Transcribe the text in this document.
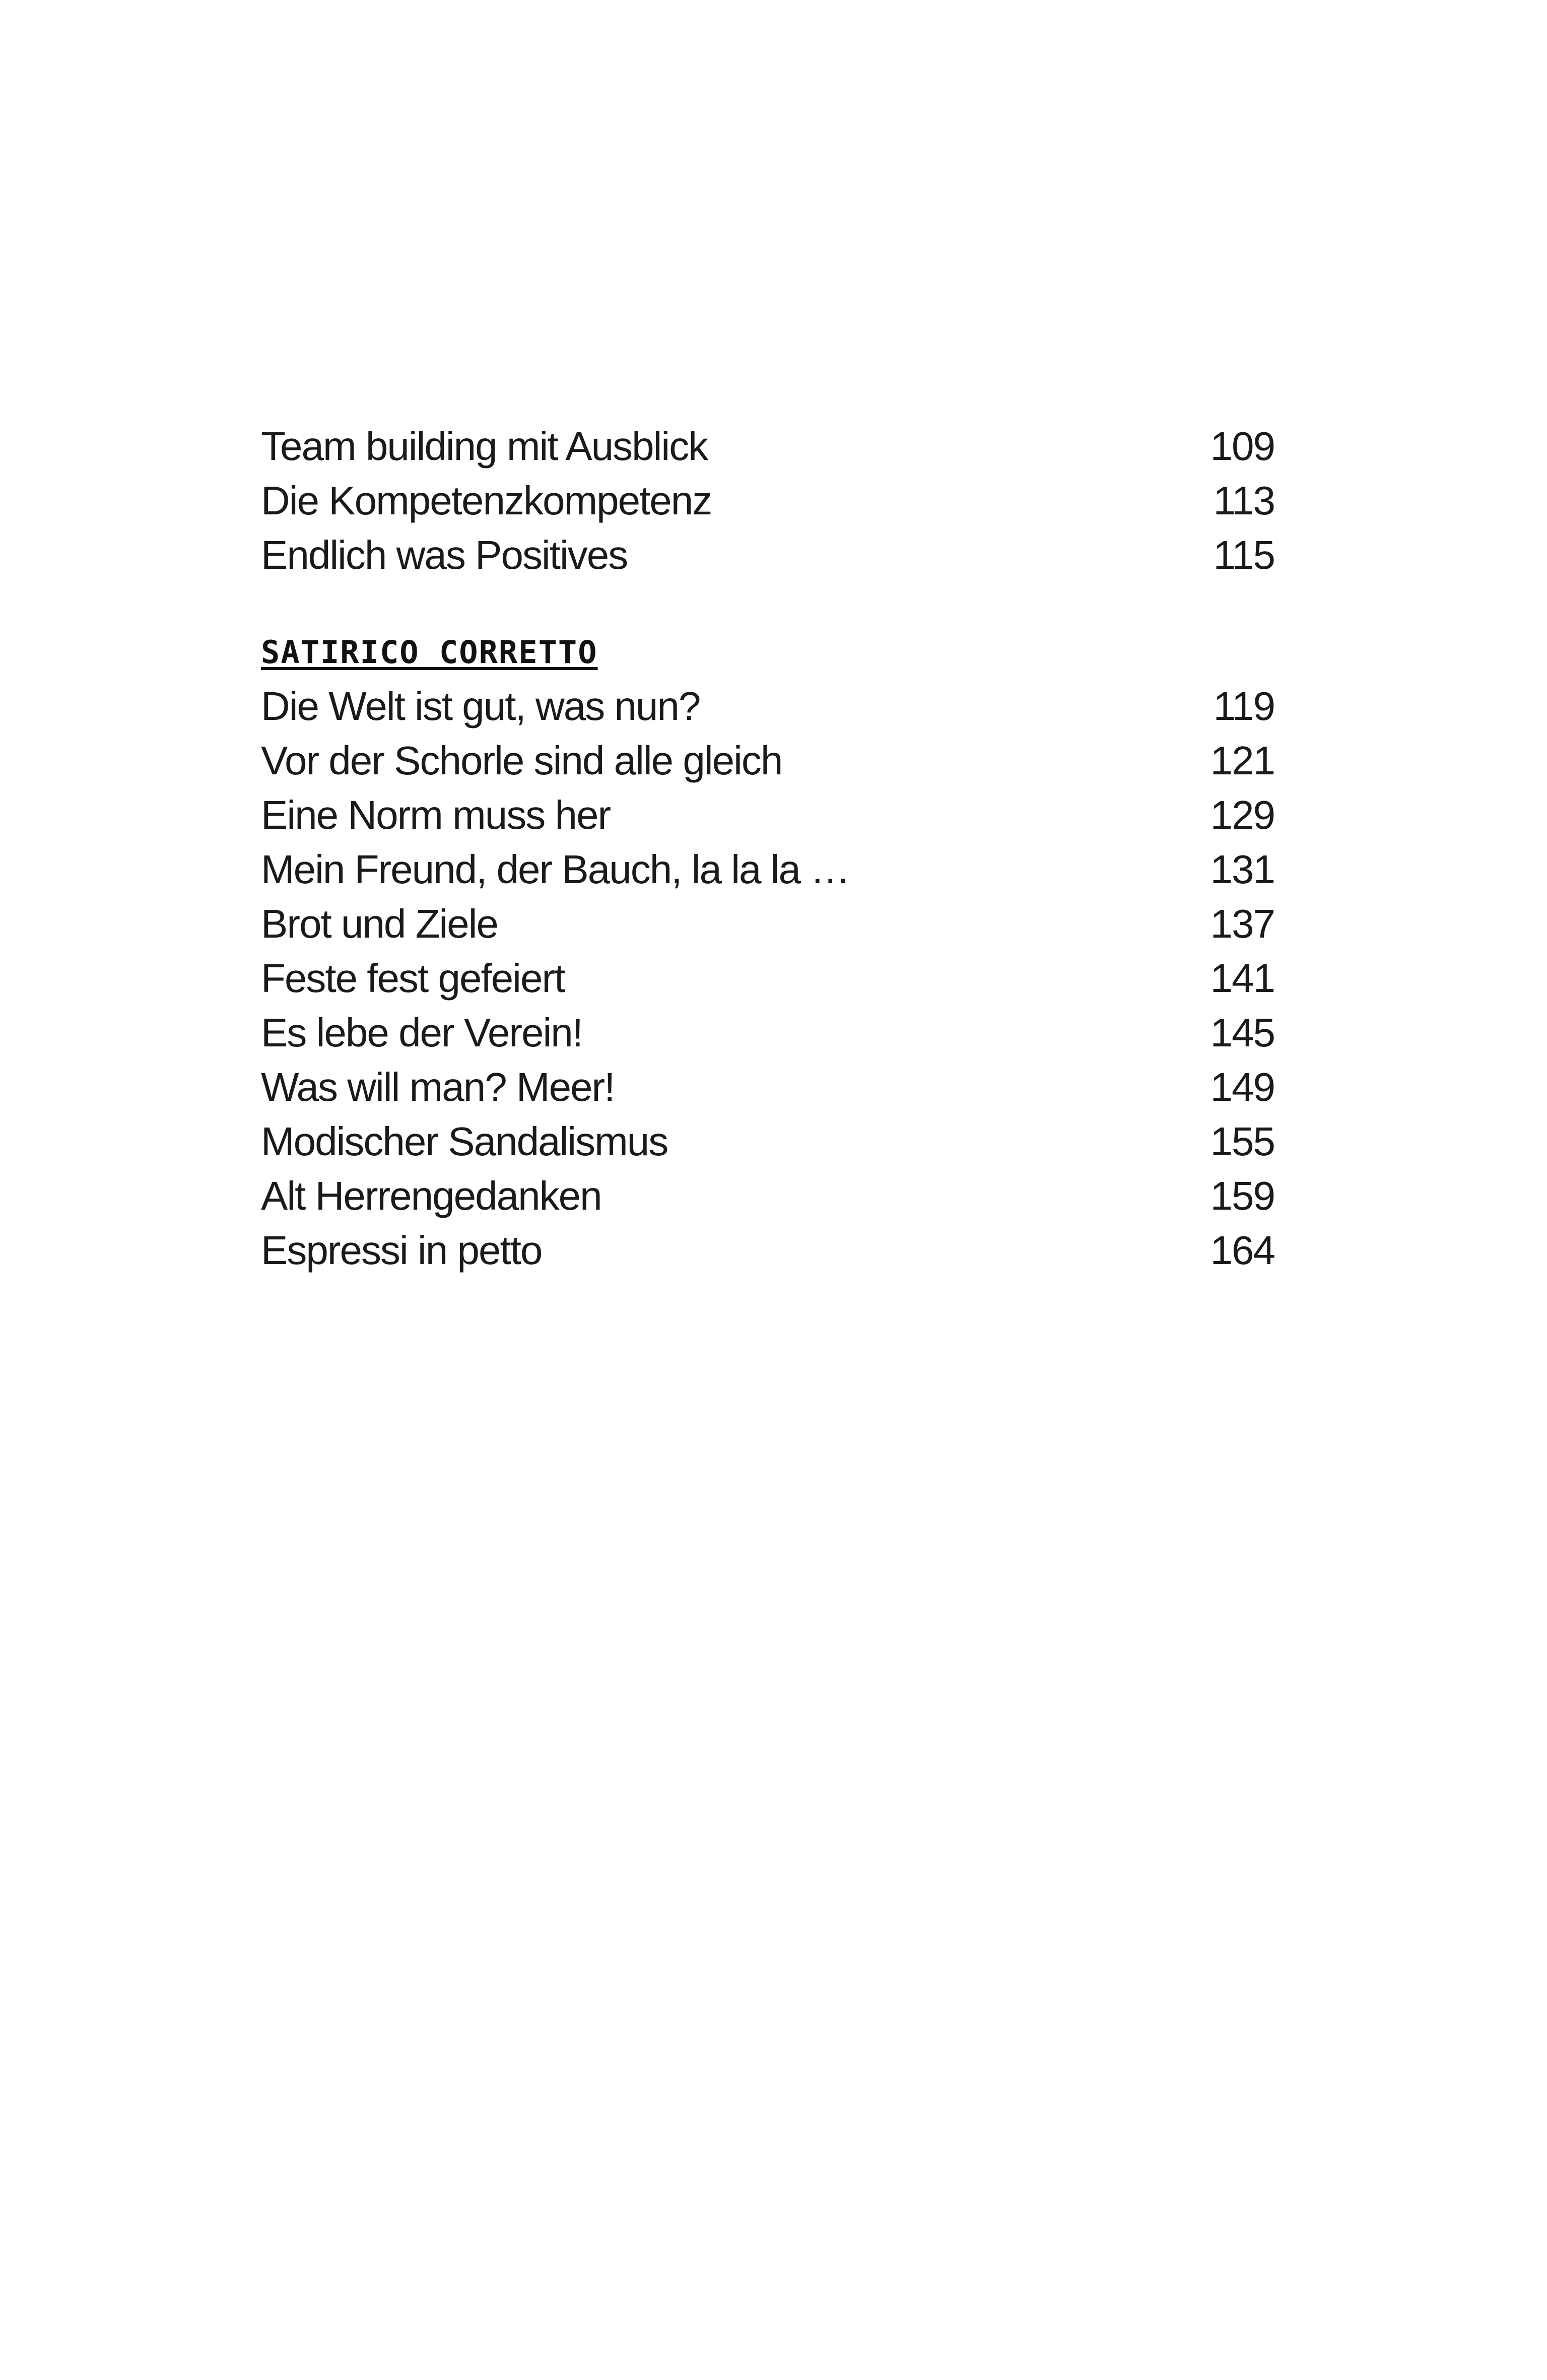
Team building mit Ausblick	109
Die Kompetenzkompetenz	113
Endlich was Positives	115
SATIRICO CORRETTO
Die Welt ist gut, was nun?	119
Vor der Schorle sind alle gleich	121
Eine Norm muss her	129
Mein Freund, der Bauch, la la la …	131
Brot und Ziele	137
Feste fest gefeiert	141
Es lebe der Verein!	145
Was will man? Meer!	149
Modischer Sandalismus	155
Alt Herrengedanken	159
Espressi in petto	164
